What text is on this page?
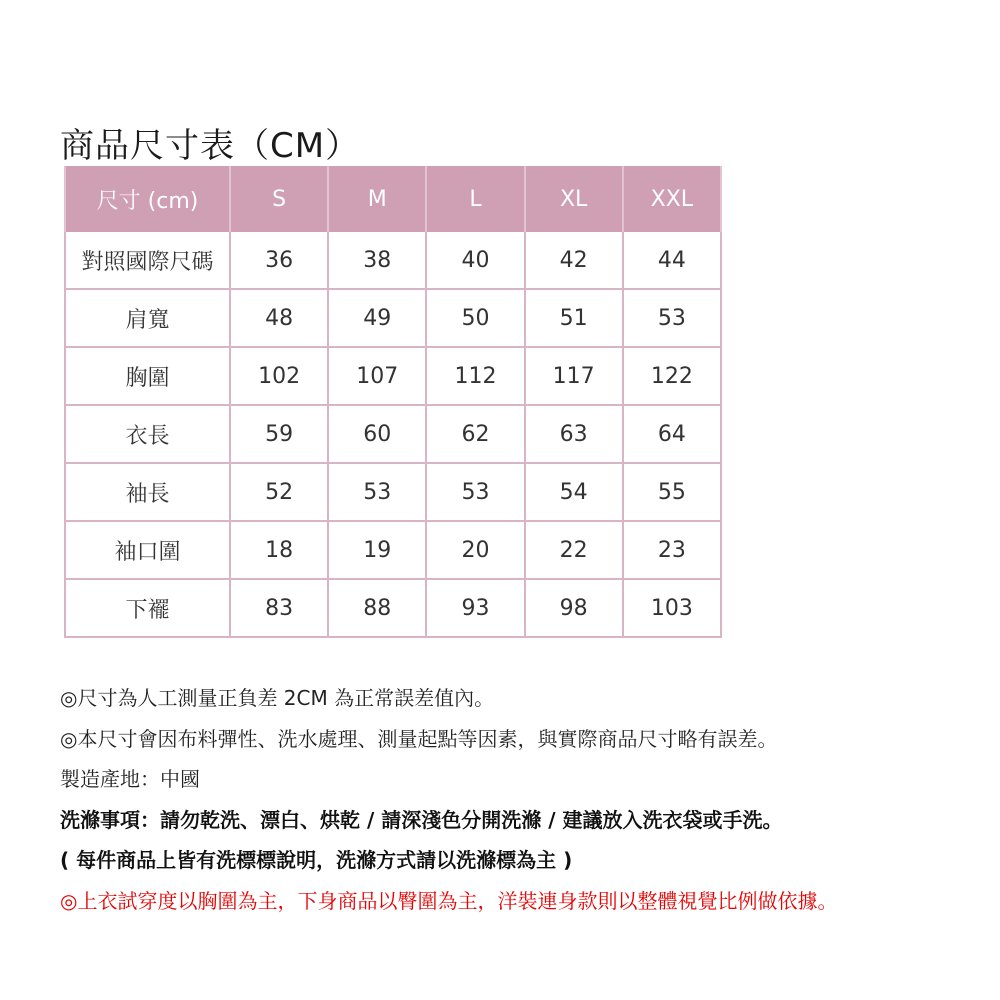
商品尺寸表（CM）
尺寸 (cm)	S	M	L	XL	XXL
對照國際尺碼	36	38	40	42	44
肩寬	48	49	50	51	53
胸圍	102	107	112	117	122
衣長	59	60	62	63	64
袖長	52	53	53	54	55
袖口圍	18	19	20	22	23
下襬	83	88	93	98	103
◎尺寸為人工測量正負差 2CM 為正常誤差值內。
◎本尺寸會因布料彈性、洗水處理、測量起點等因素，與實際商品尺寸略有誤差。
製造產地：中國
洗滌事項：請勿乾洗、漂白、烘乾 / 請深淺色分開洗滌 / 建議放入洗衣袋或手洗。
( 每件商品上皆有洗標標說明，洗滌方式請以洗滌標為主 )
◎上衣試穿度以胸圍為主，下身商品以臀圍為主，洋裝連身款則以整體視覺比例做依據。
